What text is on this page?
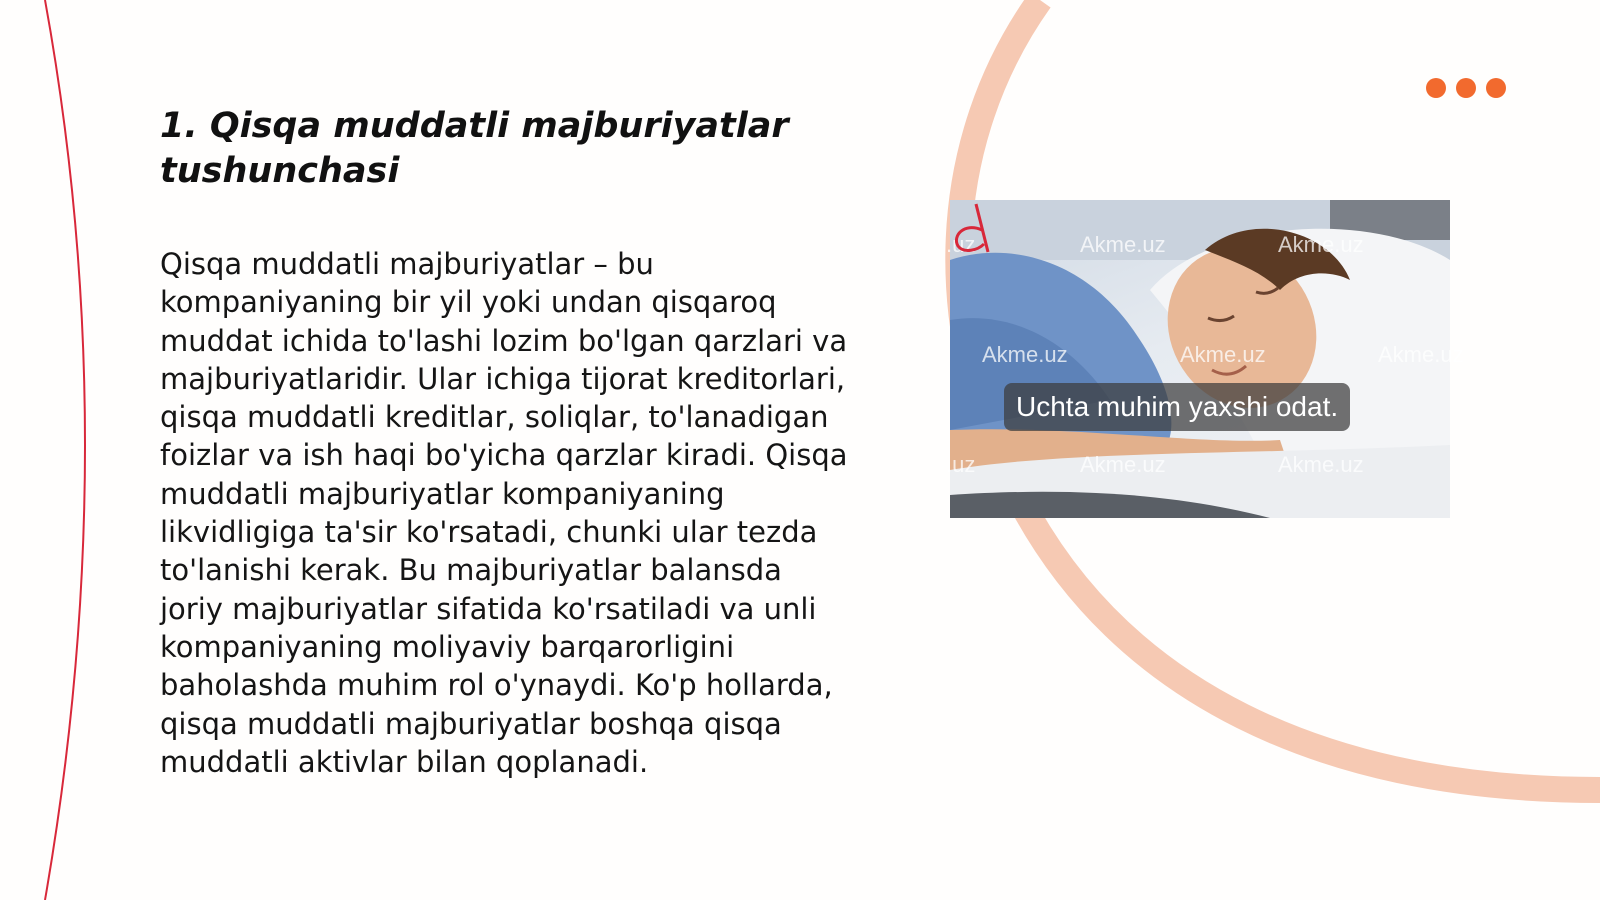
1. Qisqa muddatli majburiyatlar tushunchasi

Qisqa muddatli majburiyatlar – bu kompaniyaning bir yil yoki undan qisqaroq muddat ichida to'lashi lozim bo'lgan qarzlari va majburiyatlaridir. Ular ichiga tijorat kreditorlari, qisqa muddatli kreditlar, soliqlar, to'lanadigan foizlar va ish haqi bo'yicha qarzlar kiradi. Qisqa muddatli majburiyatlar kompaniyaning likvidligiga ta'sir ko'rsatadi, chunki ular tezda to'lanishi kerak. Bu majburiyatlar balansda joriy majburiyatlar sifatida ko'rsatiladi va unli kompaniyaning moliyaviy barqarorligini baholashda muhim rol o'ynaydi. Ko'p hollarda, qisqa muddatli majburiyatlar boshqa qisqa muddatli aktivlar bilan qoplanadi.

.uz	Akme.uz	Akme.uz
Akme.uz	Akme.uz	Akme.uz
.uz	Akme.uz	Akme.uz
Uchta muhim yaxshi odat.
